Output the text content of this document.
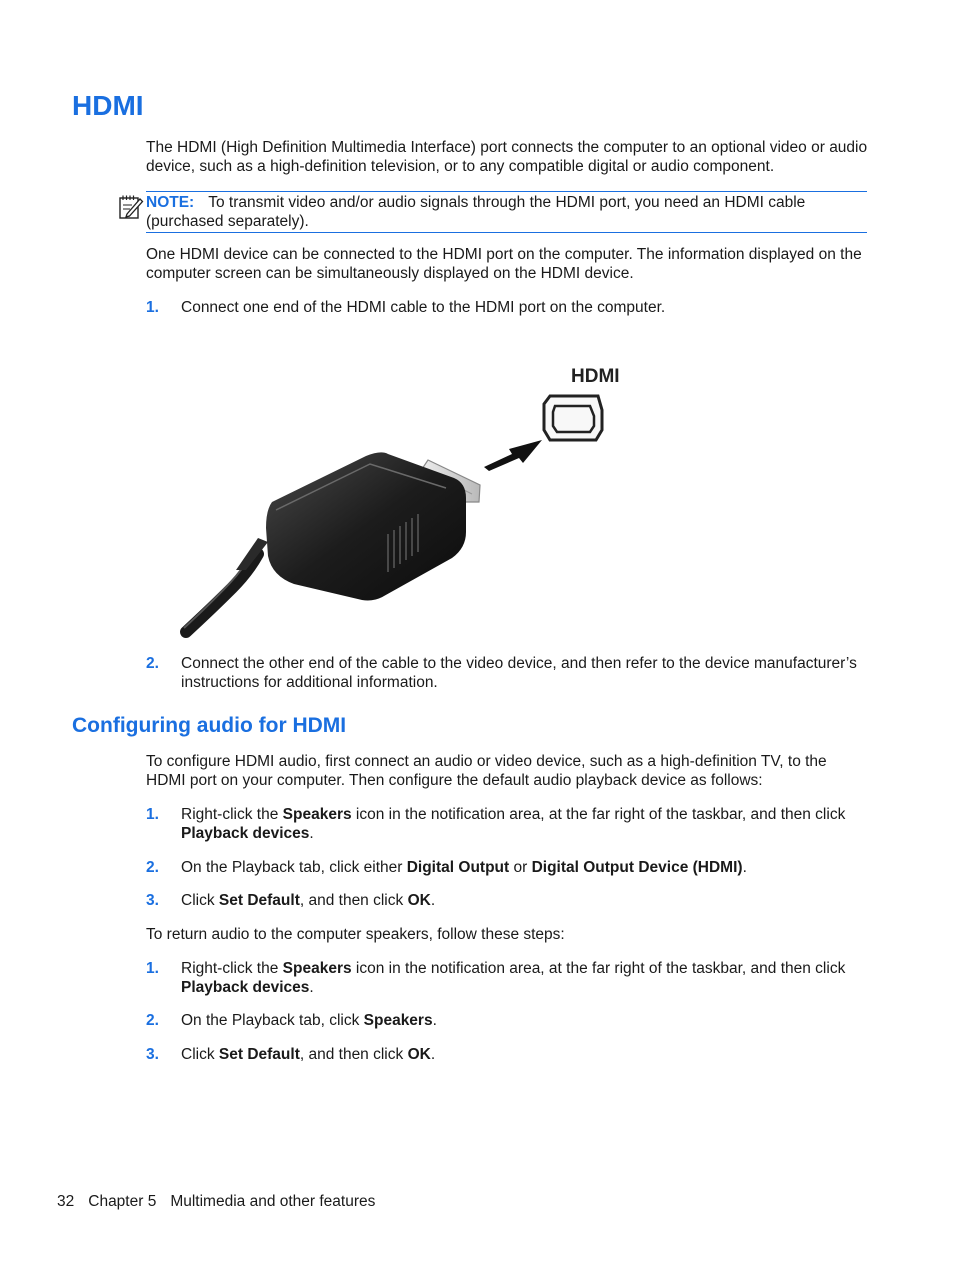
HDMI

The HDMI (High Definition Multimedia Interface) port connects the computer to an optional video or audio device, such as a high-definition television, or to any compatible digital or audio component.

NOTE: To transmit video and/or audio signals through the HDMI port, you need an HDMI cable (purchased separately).

One HDMI device can be connected to the HDMI port on the computer. The information displayed on the computer screen can be simultaneously displayed on the HDMI device.

1. Connect one end of the HDMI cable to the HDMI port on the computer.
HDMI
2. Connect the other end of the cable to the video device, and then refer to the device manufacturer’s instructions for additional information.
Configuring audio for HDMI

To configure HDMI audio, first connect an audio or video device, such as a high-definition TV, to the HDMI port on your computer. Then configure the default audio playback device as follows:

1. Right-click the Speakers icon in the notification area, at the far right of the taskbar, and then click Playback devices.
2. On the Playback tab, click either Digital Output or Digital Output Device (HDMI).
3. Click Set Default, and then click OK.

To return audio to the computer speakers, follow these steps:

1. Right-click the Speakers icon in the notification area, at the far right of the taskbar, and then click Playback devices.
2. On the Playback tab, click Speakers.
3. Click Set Default, and then click OK.
32 Chapter 5 Multimedia and other features
